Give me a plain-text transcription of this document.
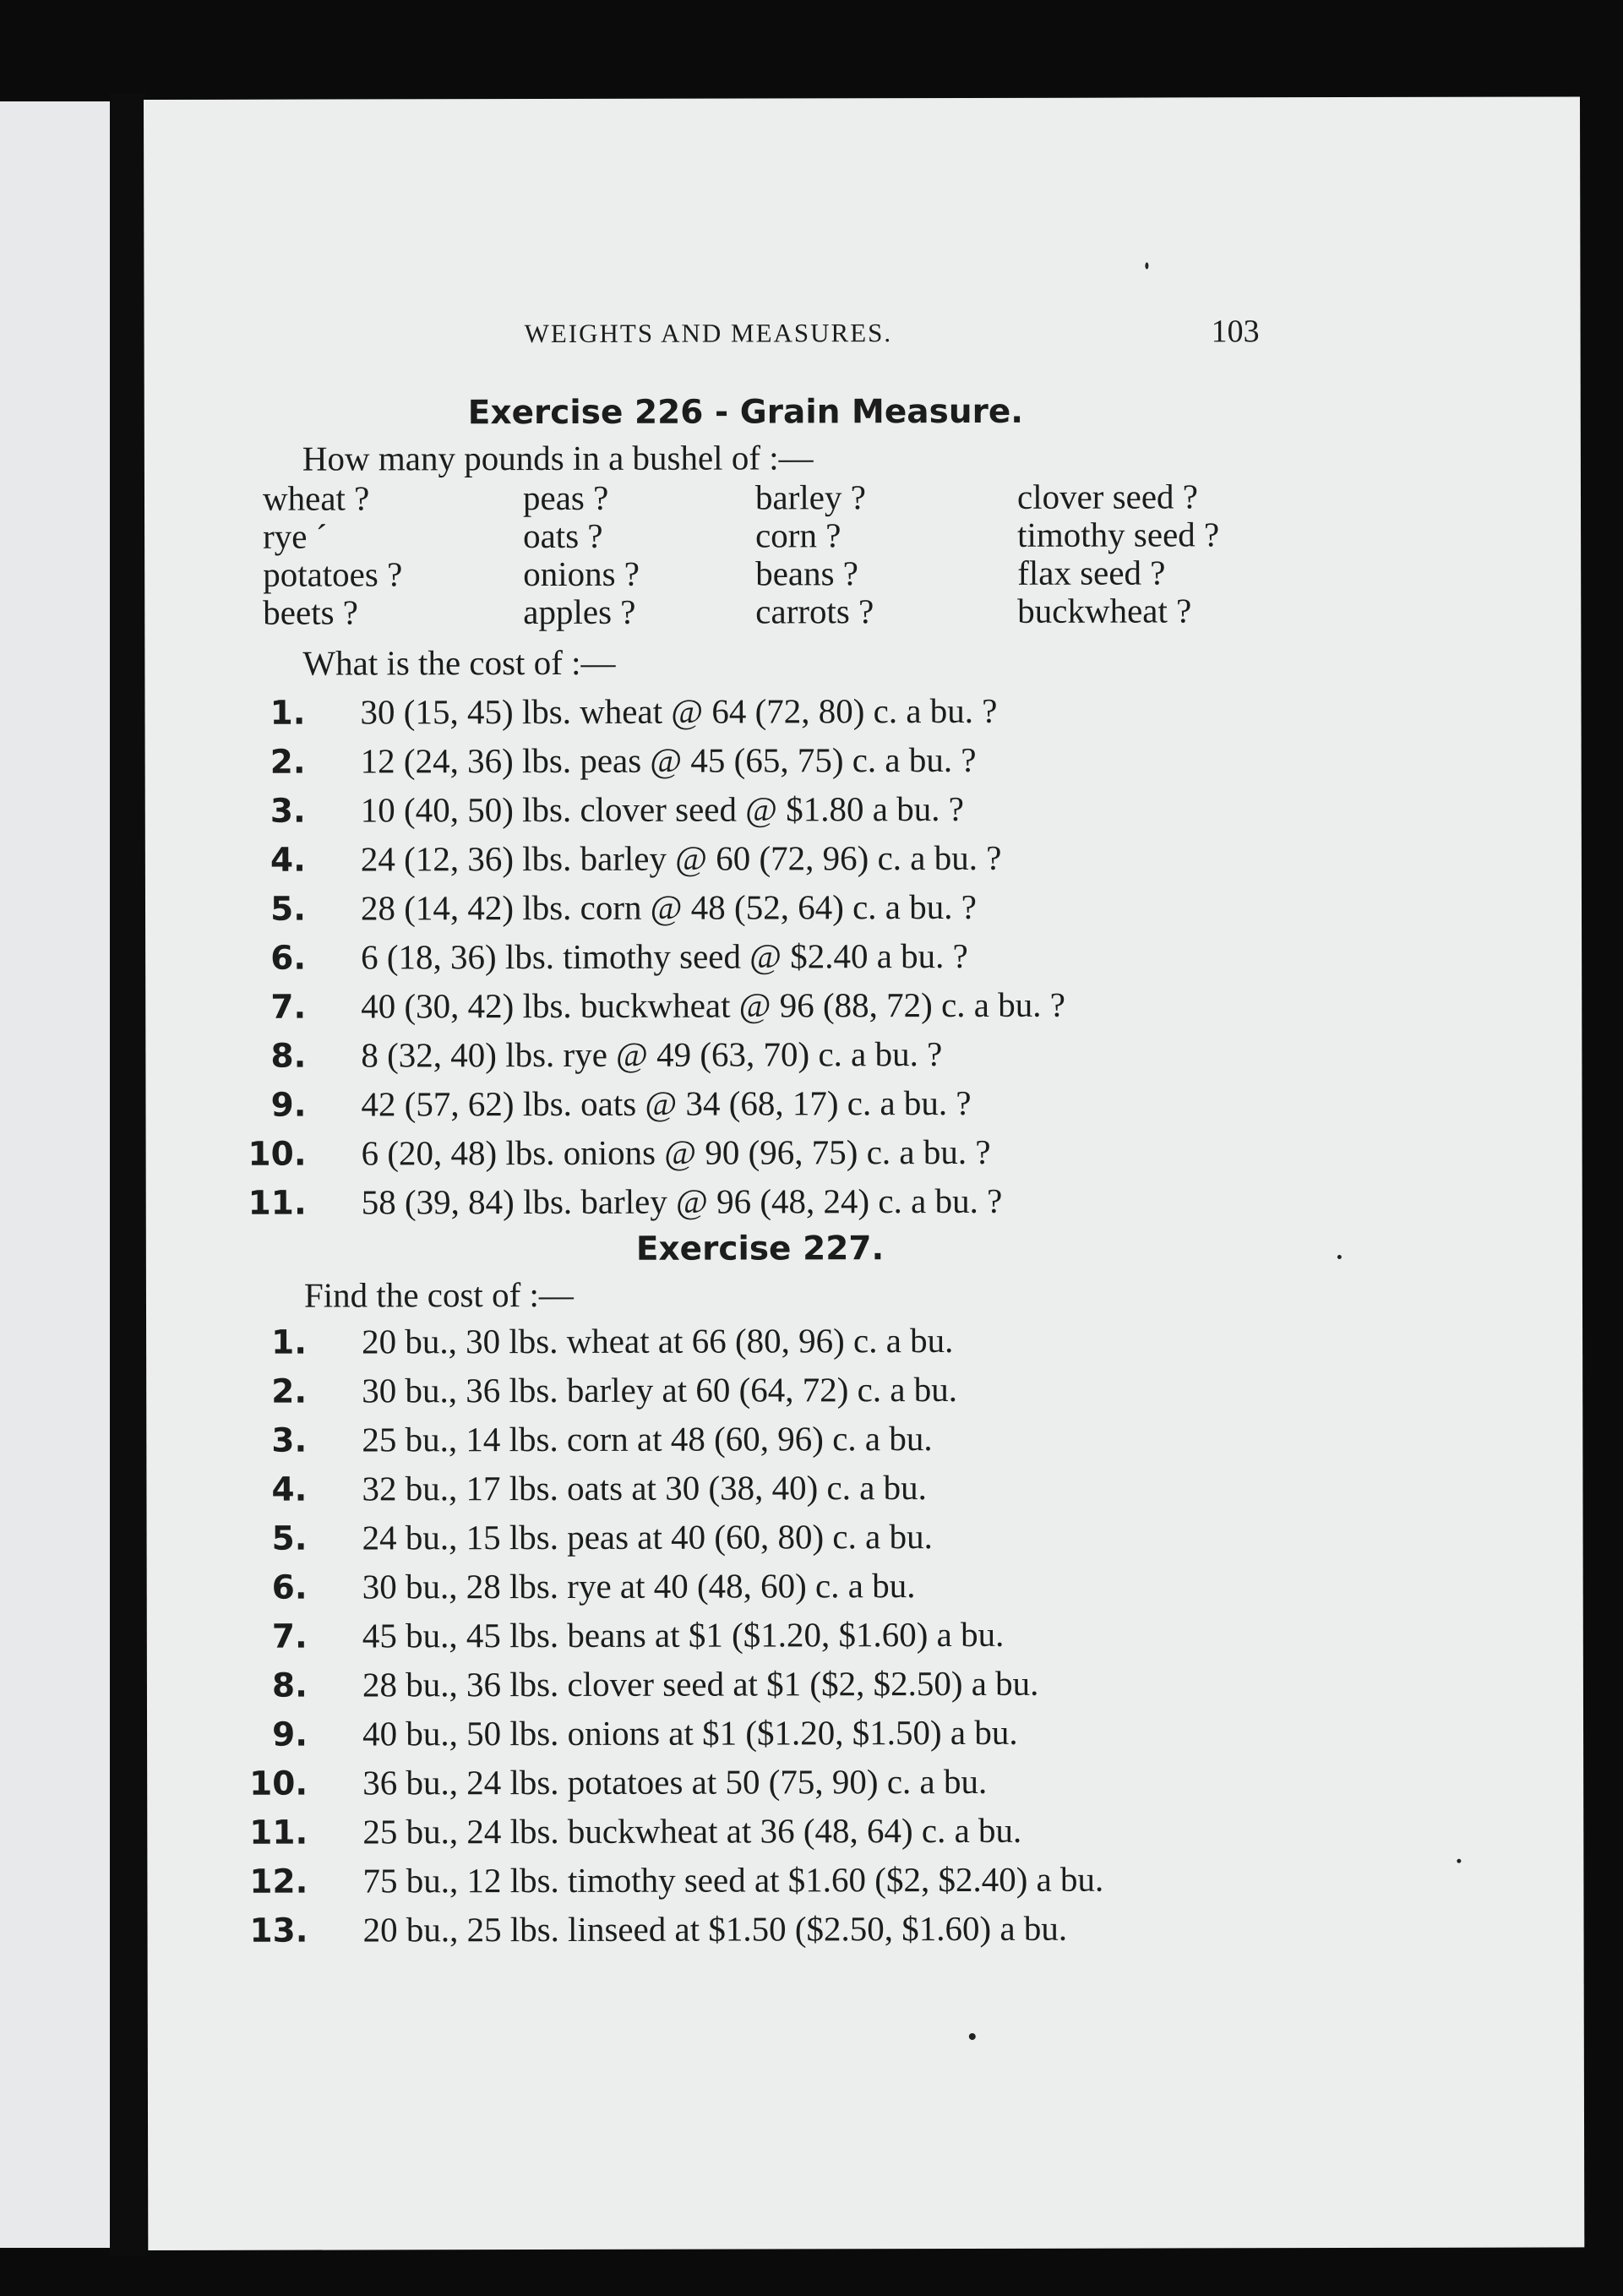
WEIGHTS AND MEASURES.	103
Exercise 226 - Grain Measure.
How many pounds in a bushel of :—
wheat ?	peas ?	barley ?	clover seed ?
rye ˊ	oats ?	corn ?	timothy seed ?
potatoes ?	onions ?	beans ?	flax seed ?
beets ?	apples ?	carrots ?	buckwheat ?
What is the cost of :—
1. 30 (15, 45) lbs. wheat @ 64 (72, 80) c. a bu. ?
2. 12 (24, 36) lbs. peas @ 45 (65, 75) c. a bu. ?
3. 10 (40, 50) lbs. clover seed @ $1.80 a bu. ?
4. 24 (12, 36) lbs. barley @ 60 (72, 96) c. a bu. ?
5. 28 (14, 42) lbs. corn @ 48 (52, 64) c. a bu. ?
6. 6 (18, 36) lbs. timothy seed @ $2.40 a bu. ?
7. 40 (30, 42) lbs. buckwheat @ 96 (88, 72) c. a bu. ?
8. 8 (32, 40) lbs. rye @ 49 (63, 70) c. a bu. ?
9. 42 (57, 62) lbs. oats @ 34 (68, 17) c. a bu. ?
10. 6 (20, 48) lbs. onions @ 90 (96, 75) c. a bu. ?
11. 58 (39, 84) lbs. barley @ 96 (48, 24) c. a bu. ?
Exercise 227.
Find the cost of :—
1. 20 bu., 30 lbs. wheat at 66 (80, 96) c. a bu.
2. 30 bu., 36 lbs. barley at 60 (64, 72) c. a bu.
3. 25 bu., 14 lbs. corn at 48 (60, 96) c. a bu.
4. 32 bu., 17 lbs. oats at 30 (38, 40) c. a bu.
5. 24 bu., 15 lbs. peas at 40 (60, 80) c. a bu.
6. 30 bu., 28 lbs. rye at 40 (48, 60) c. a bu.
7. 45 bu., 45 lbs. beans at $1 ($1.20, $1.60) a bu.
8. 28 bu., 36 lbs. clover seed at $1 ($2, $2.50) a bu.
9. 40 bu., 50 lbs. onions at $1 ($1.20, $1.50) a bu.
10. 36 bu., 24 lbs. potatoes at 50 (75, 90) c. a bu.
11. 25 bu., 24 lbs. buckwheat at 36 (48, 64) c. a bu.
12. 75 bu., 12 lbs. timothy seed at $1.60 ($2, $2.40) a bu.
13. 20 bu., 25 lbs. linseed at $1.50 ($2.50, $1.60) a bu.
